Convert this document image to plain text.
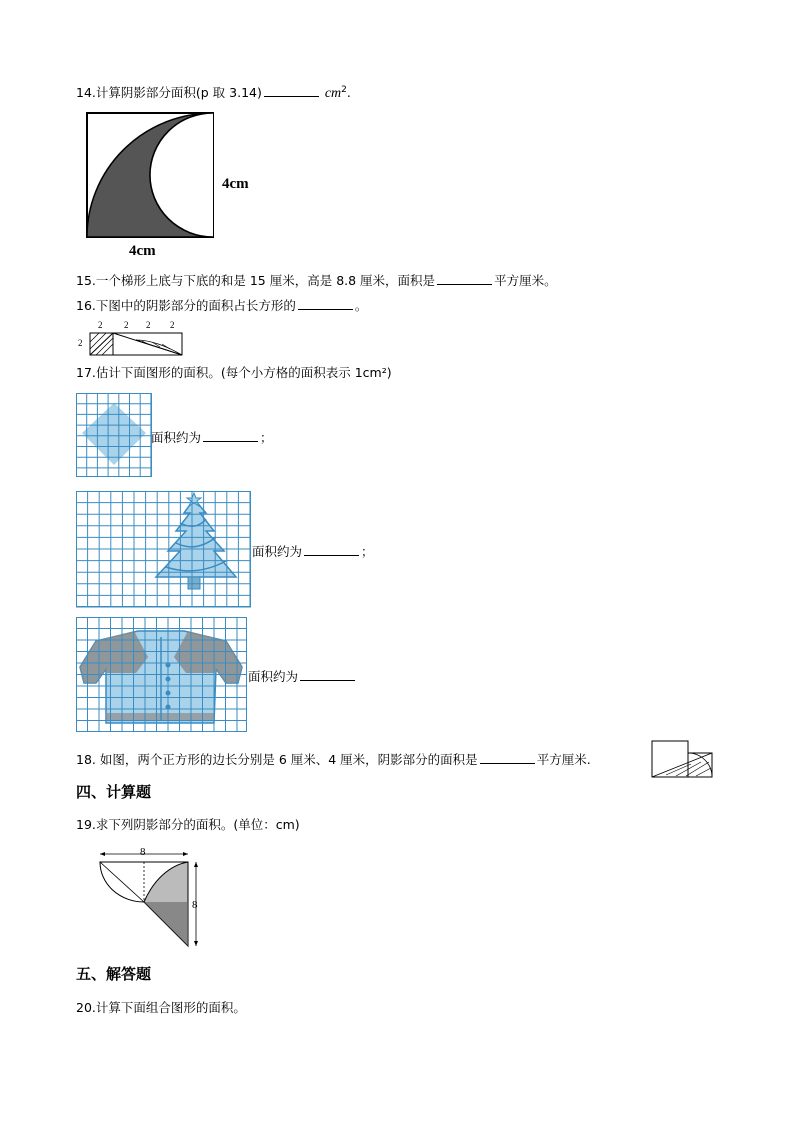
14.计算阴影部分面积(p 取 3.14)	$cm^2$.
4cm
4cm
15.一个梯形上底与下底的和是 15 厘米，高是 8.8 厘米，面积是	平方厘米。
16.下图中的阴影部分的面积占长方形的	。
2 2 2 2
2
17.估计下面图形的面积。(每个小方格的面积表示 1cm²)
面积约为	；
面积约为	；
面积约为
18. 如图，两个正方形的边长分别是 6 厘米、4 厘米，阴影部分的面积是	平方厘米.
四、计算题
19.求下列阴影部分的面积。(单位：cm)
8
8
五、解答题
20.计算下面组合图形的面积。
